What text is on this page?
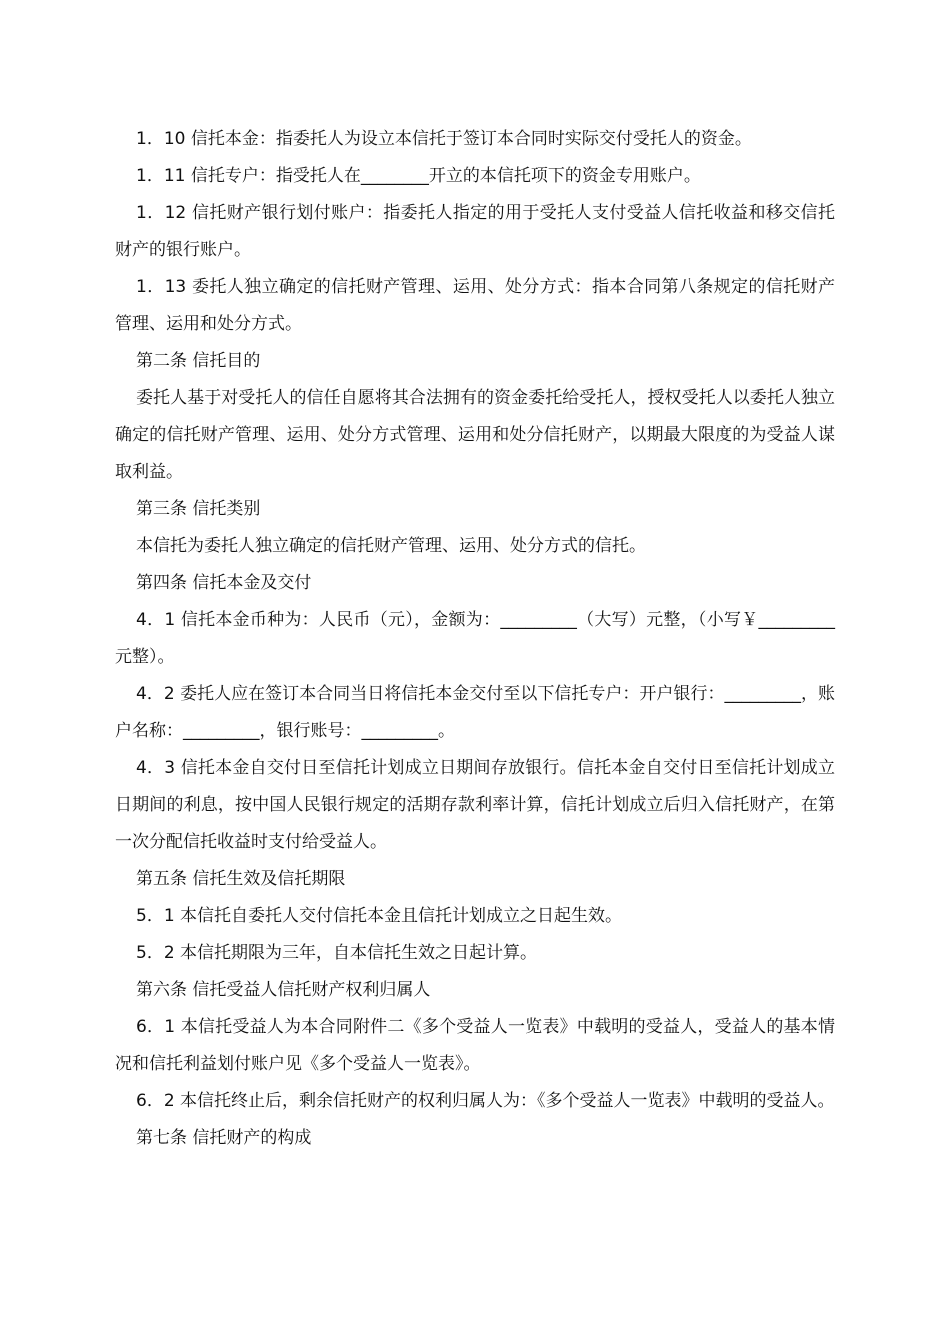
1．10 信托本金：指委托人为设立本信托于签订本合同时实际交付受托人的资金。

1．11 信托专户：指受托人在________开立的本信托项下的资金专用账户。

1．12 信托财产银行划付账户：指委托人指定的用于受托人支付受益人信托收益和移交信托财产的银行账户。

1．13 委托人独立确定的信托财产管理、运用、处分方式：指本合同第八条规定的信托财产管理、运用和处分方式。

第二条 信托目的

委托人基于对受托人的信任自愿将其合法拥有的资金委托给受托人，授权受托人以委托人独立确定的信托财产管理、运用、处分方式管理、运用和处分信托财产，以期最大限度的为受益人谋取利益。

第三条 信托类别

本信托为委托人独立确定的信托财产管理、运用、处分方式的信托。

第四条 信托本金及交付

4．1 信托本金币种为：人民币（元），金额为：_________（大写）元整，（小写￥_________元整）。

4．2 委托人应在签订本合同当日将信托本金交付至以下信托专户：开户银行：_________，账户名称：_________，银行账号：_________。

4．3 信托本金自交付日至信托计划成立日期间存放银行。信托本金自交付日至信托计划成立日期间的利息，按中国人民银行规定的活期存款利率计算，信托计划成立后归入信托财产，在第一次分配信托收益时支付给受益人。

第五条 信托生效及信托期限

5．1 本信托自委托人交付信托本金且信托计划成立之日起生效。

5．2 本信托期限为三年，自本信托生效之日起计算。

第六条 信托受益人信托财产权利归属人

6．1 本信托受益人为本合同附件二《多个受益人一览表》中载明的受益人，受益人的基本情况和信托利益划付账户见《多个受益人一览表》。

6．2 本信托终止后，剩余信托财产的权利归属人为：《多个受益人一览表》中载明的受益人。

第七条 信托财产的构成
